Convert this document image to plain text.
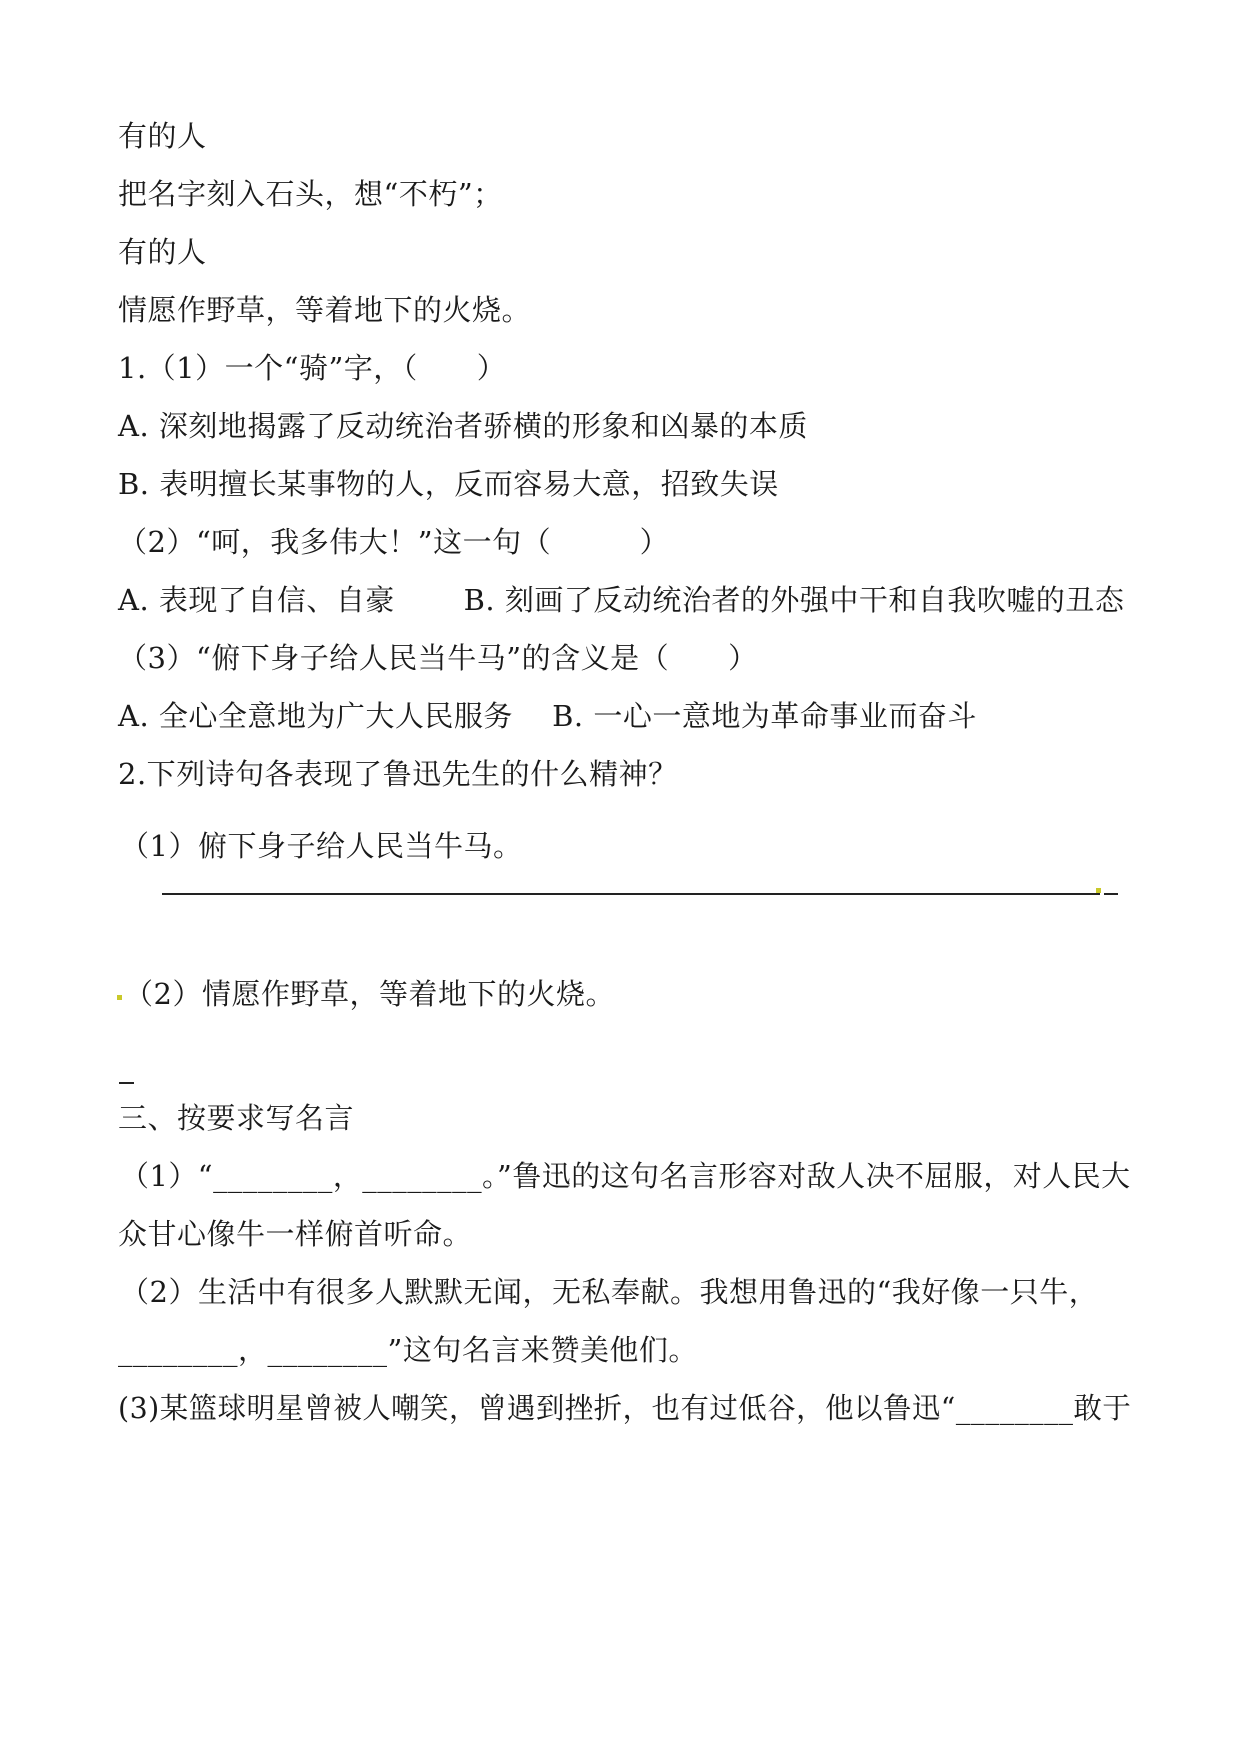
有的人
把名字刻入石头，想“不朽”；
有的人
情愿作野草，等着地下的火烧。
1.（1）一个“骑”字，（　　）
A. 深刻地揭露了反动统治者骄横的形象和凶暴的本质
B. 表明擅长某事物的人，反而容易大意，招致失误
（2）“呵，我多伟大！”这一句（　　　）
A. 表现了自信、自豪　　 B. 刻画了反动统治者的外强中干和自我吹嘘的丑态
（3）“俯下身子给人民当牛马”的含义是（　　）
A. 全心全意地为广大人民服务　 B. 一心一意地为革命事业而奋斗
2.下列诗句各表现了鲁迅先生的什么精神？
（1）俯下身子给人民当牛马。
（2）情愿作野草，等着地下的火烧。
三、按要求写名言
（1）“________，________。”鲁迅的这句名言形容对敌人决不屈服，对人民大
众甘心像牛一样俯首听命。
（2）生活中有很多人默默无闻，无私奉献。我想用鲁迅的“我好像一只牛，
________，________”这句名言来赞美他们。
(3)某篮球明星曾被人嘲笑，曾遇到挫折，也有过低谷，他以鲁迅“________敢于
